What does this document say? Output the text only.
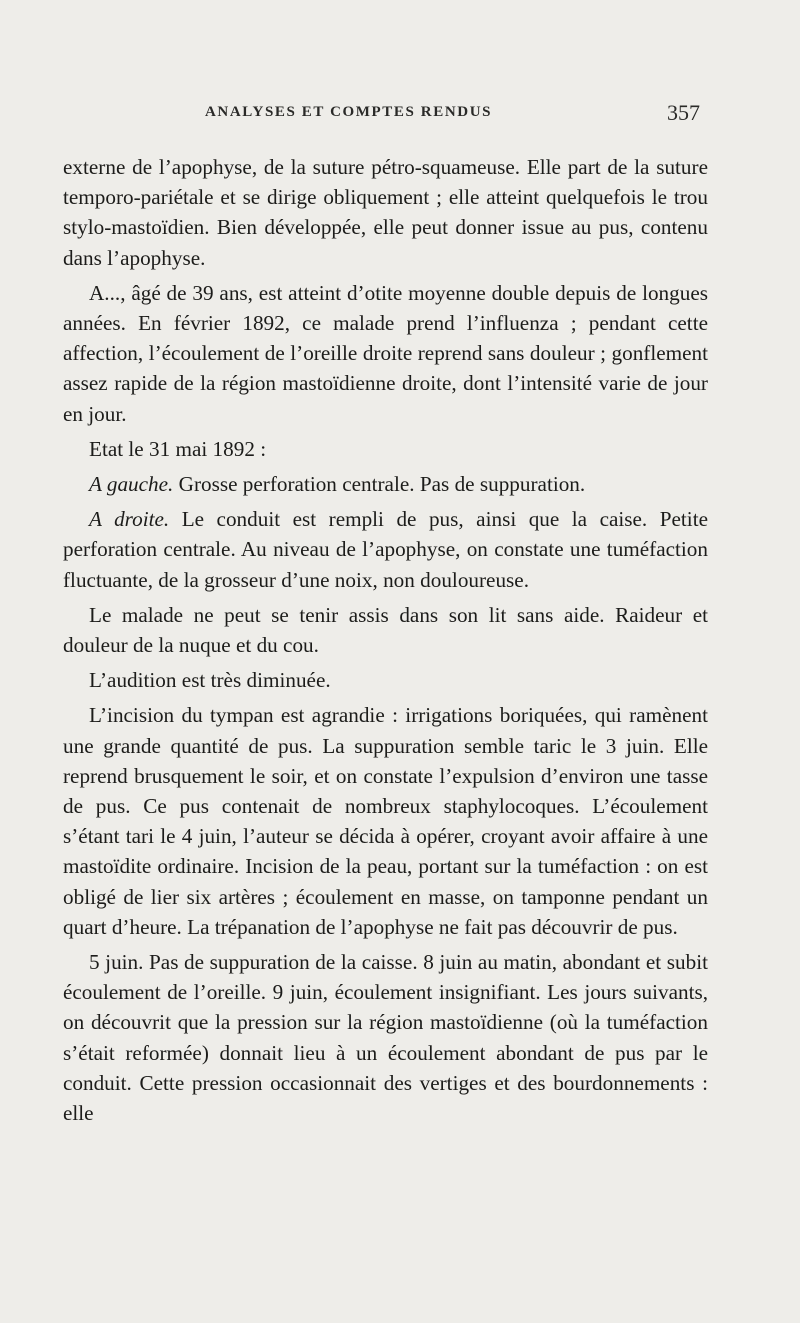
ANALYSES ET COMPTES RENDUS	357

externe de l’apophyse, de la suture pétro-squameuse. Elle part de la suture temporo-pariétale et se dirige obliquement ; elle atteint quelquefois le trou stylo-mastoïdien. Bien développée, elle peut donner issue au pus, contenu dans l’apophyse.

A..., âgé de 39 ans, est atteint d’otite moyenne double depuis de longues années. En février 1892, ce malade prend l’influenza ; pendant cette affection, l’écoulement de l’oreille droite reprend sans douleur ; gonflement assez rapide de la région mastoïdienne droite, dont l’intensité varie de jour en jour.

Etat le 31 mai 1892 :

A gauche. Grosse perforation centrale. Pas de suppuration.

A droite. Le conduit est rempli de pus, ainsi que la caise. Petite perforation centrale. Au niveau de l’apophyse, on constate une tuméfaction fluctuante, de la grosseur d’une noix, non douloureuse.

Le malade ne peut se tenir assis dans son lit sans aide. Raideur et douleur de la nuque et du cou.

L’audition est très diminuée.

L’incision du tympan est agrandie : irrigations boriquées, qui ramènent une grande quantité de pus. La suppuration semble taric le 3 juin. Elle reprend brusquement le soir, et on constate l’expulsion d’environ une tasse de pus. Ce pus contenait de nombreux staphylocoques. L’écoulement s’étant tari le 4 juin, l’auteur se décida à opérer, croyant avoir affaire à une mastoïdite ordinaire. Incision de la peau, portant sur la tuméfaction : on est obligé de lier six artères ; écoulement en masse, on tamponne pendant un quart d’heure. La trépanation de l’apophyse ne fait pas découvrir de pus.

5 juin. Pas de suppuration de la caisse. 8 juin au matin, abondant et subit écoulement de l’oreille. 9 juin, écoulement insignifiant. Les jours suivants, on découvrit que la pression sur la région mastoïdienne (où la tuméfaction s’était reformée) donnait lieu à un écoulement abondant de pus par le conduit. Cette pression occasionnait des vertiges et des bourdonnements : elle
